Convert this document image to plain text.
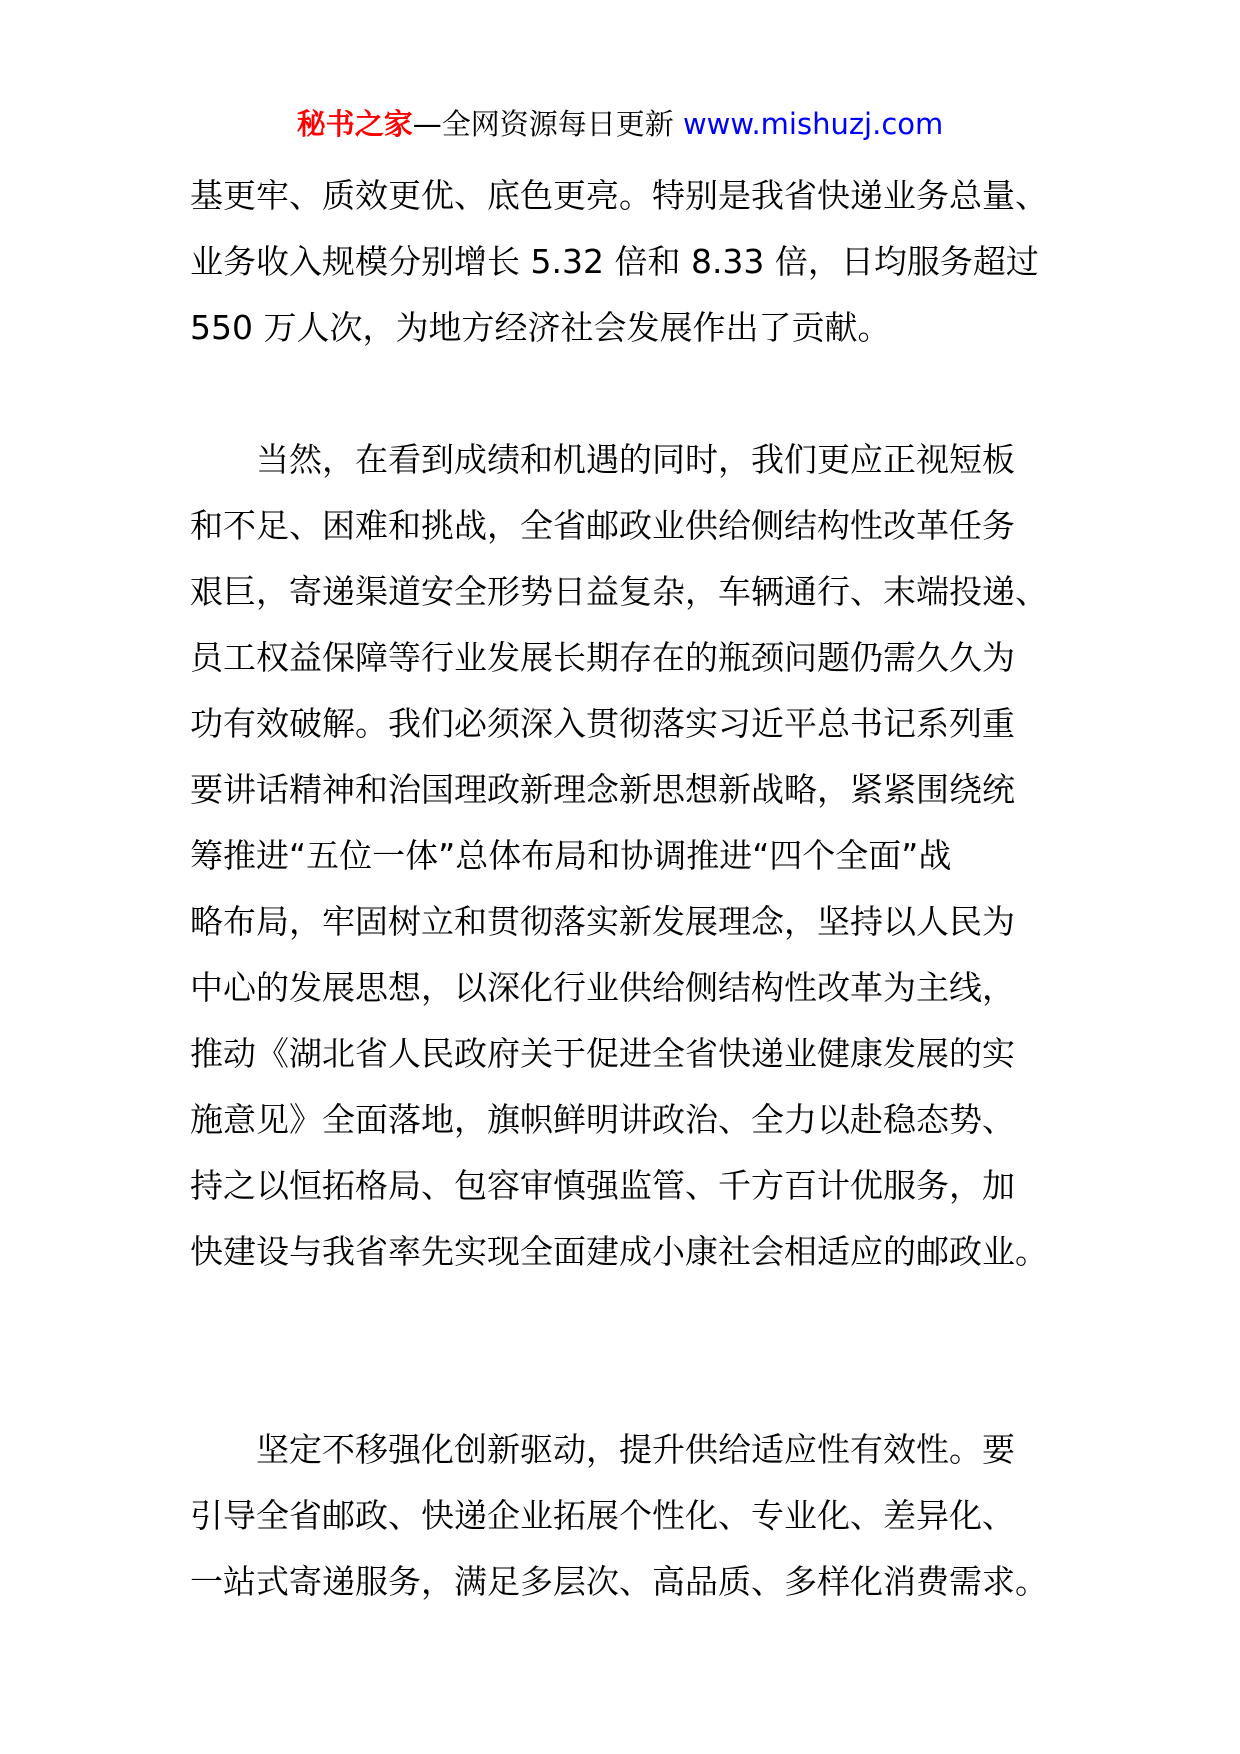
秘书之家—全网资源每日更新 www.mishuzj.com
基更牢、质效更优、底色更亮。特别是我省快递业务总量、
业务收入规模分别增长 5.32 倍和 8.33 倍，日均服务超过
550 万人次，为地方经济社会发展作出了贡献。
　　当然，在看到成绩和机遇的同时，我们更应正视短板
和不足、困难和挑战，全省邮政业供给侧结构性改革任务
艰巨，寄递渠道安全形势日益复杂，车辆通行、末端投递、
员工权益保障等行业发展长期存在的瓶颈问题仍需久久为
功有效破解。我们必须深入贯彻落实习近平总书记系列重
要讲话精神和治国理政新理念新思想新战略，紧紧围绕统
筹推进“五位一体”总体布局和协调推进“四个全面”战
略布局，牢固树立和贯彻落实新发展理念，坚持以人民为
中心的发展思想，以深化行业供给侧结构性改革为主线，
推动《湖北省人民政府关于促进全省快递业健康发展的实
施意见》全面落地，旗帜鲜明讲政治、全力以赴稳态势、
持之以恒拓格局、包容审慎强监管、千方百计优服务，加
快建设与我省率先实现全面建成小康社会相适应的邮政业。
　　坚定不移强化创新驱动，提升供给适应性有效性。要
引导全省邮政、快递企业拓展个性化、专业化、差异化、
一站式寄递服务，满足多层次、高品质、多样化消费需求。
